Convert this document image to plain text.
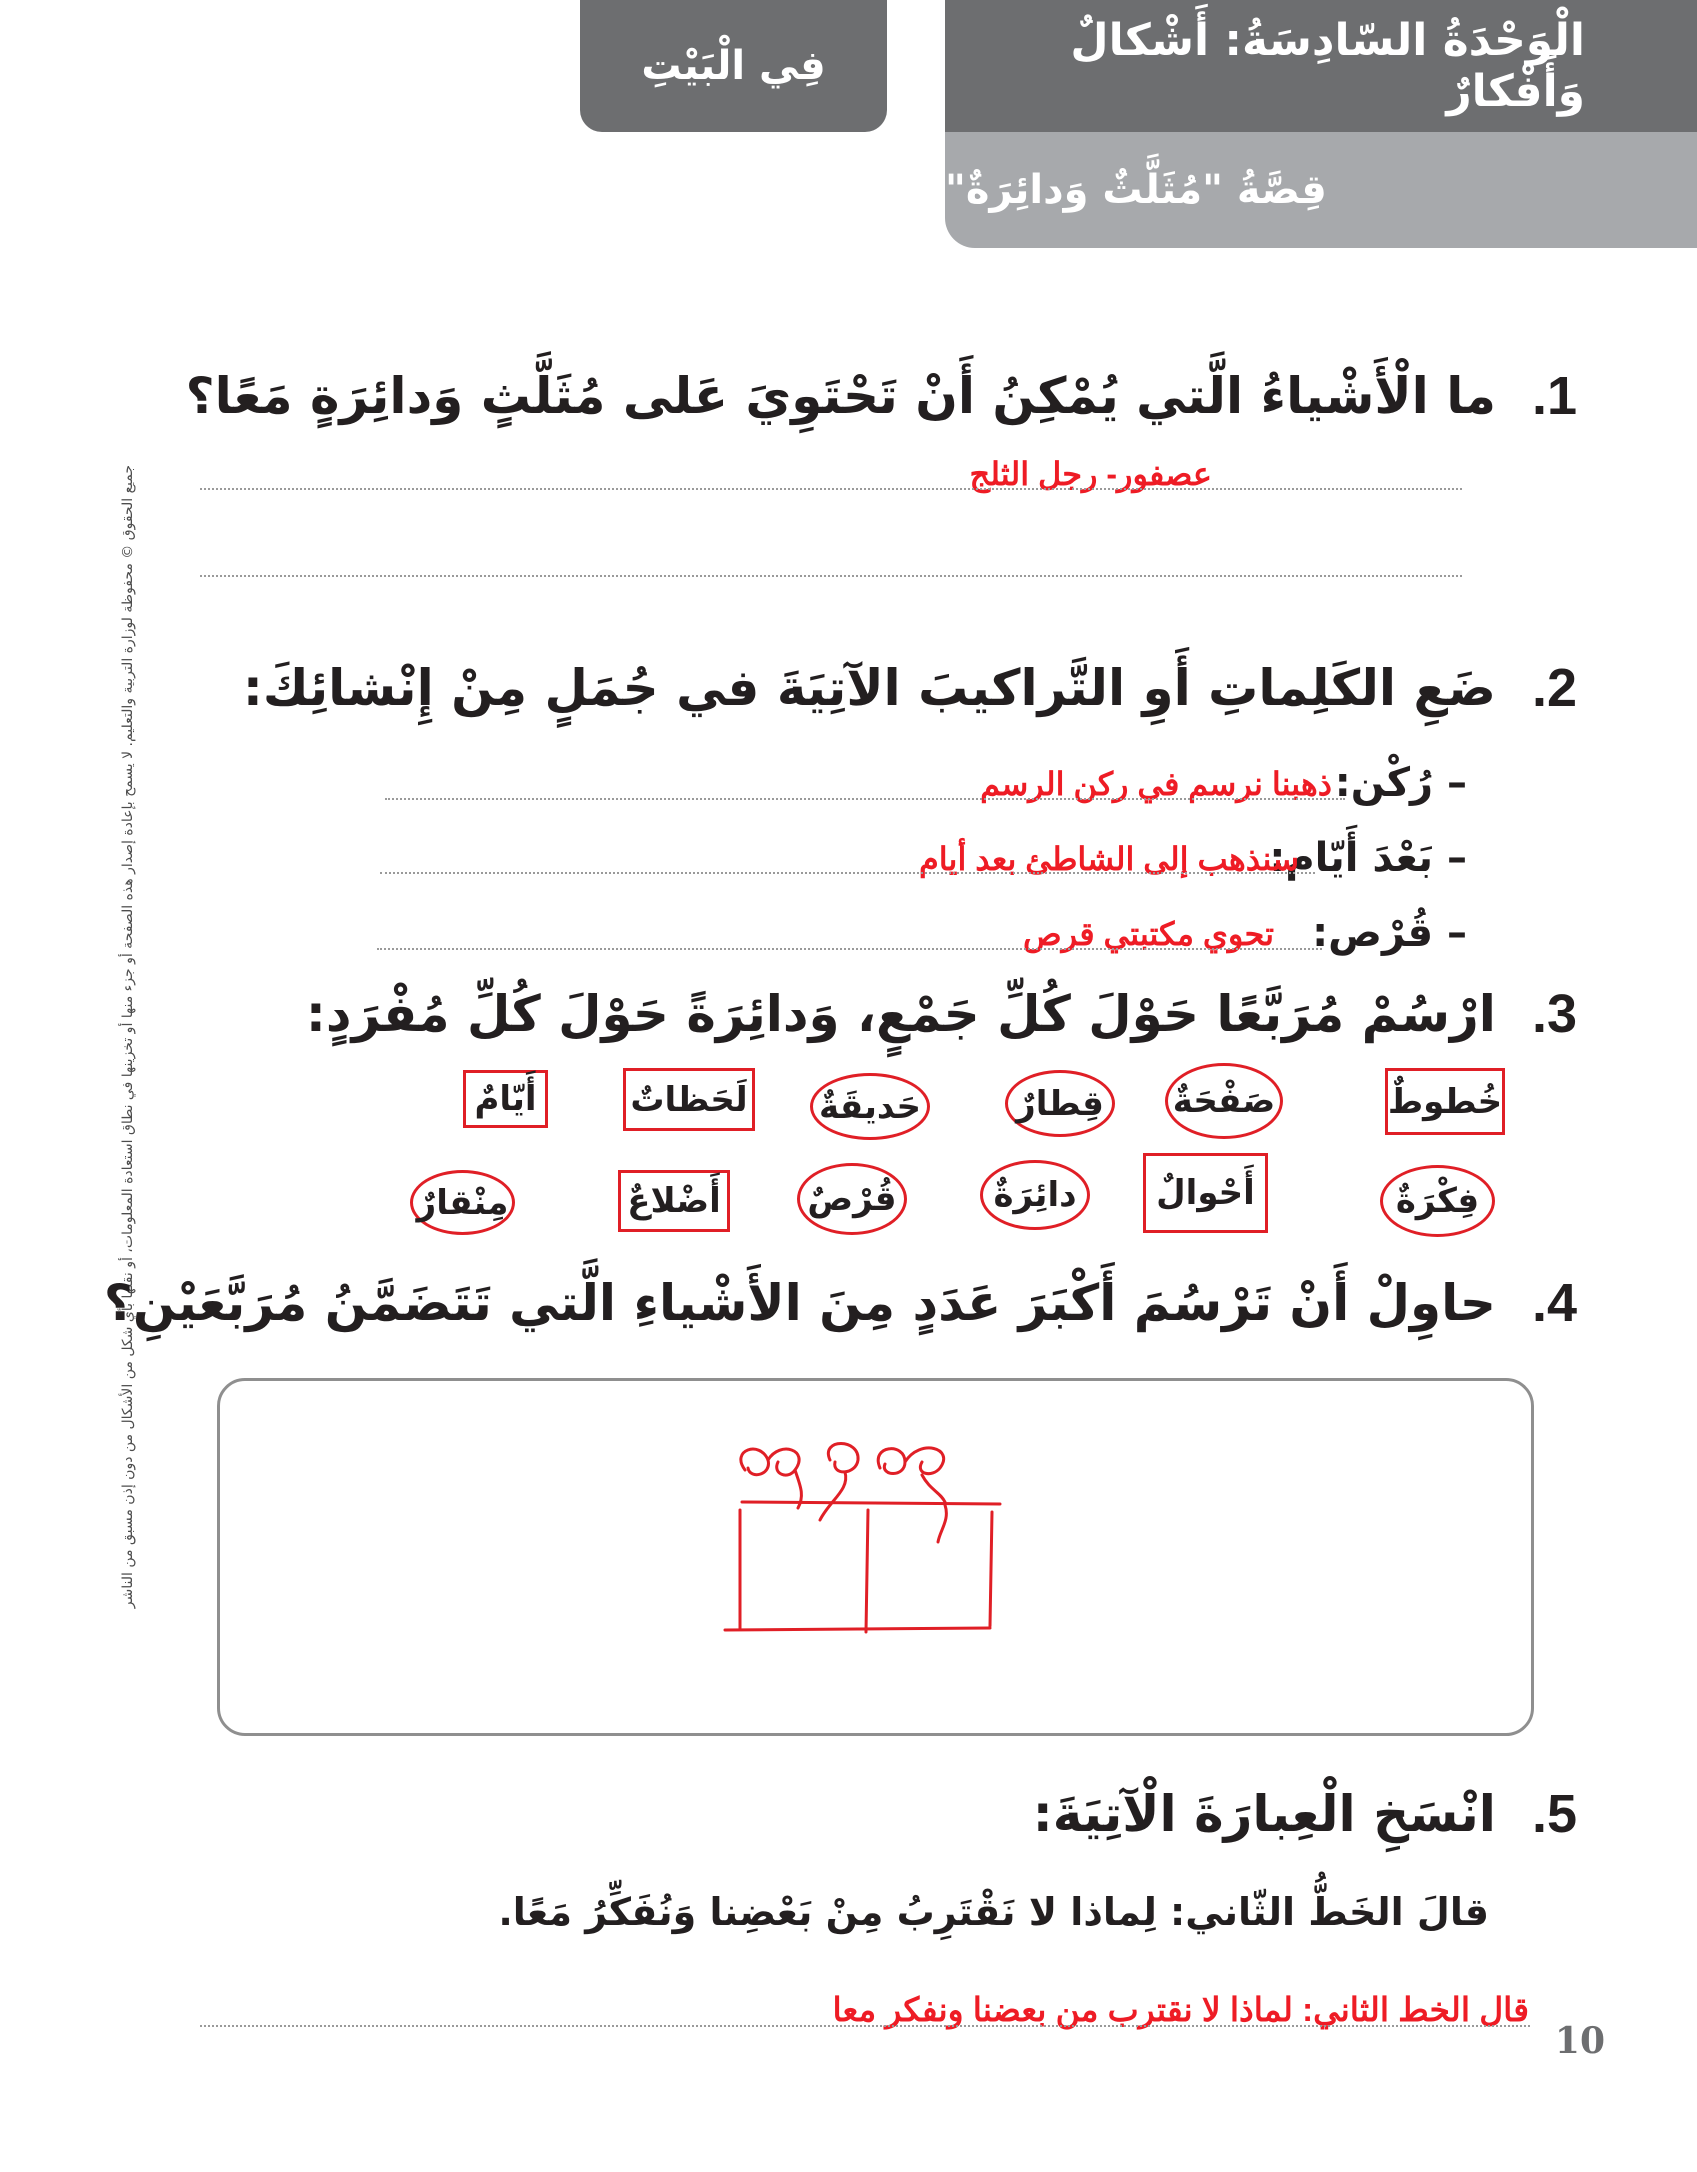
فِي الْبَيْتِ	الْوَحْدَةُ السّادِسَةُ: أَشْكالٌ وَأَفْكارٌ
قِصَّةُ "مُثَلَّثٌ وَدائِرَةٌ"
جميع الحقوق © محفوظة لوزارة التربية والتعليم. لا يسمح بإعادة إصدار هذه الصفحة أو جزء منها أو تخزينها في نطاق استعادة المعلومات، أو نقلها بأي شكل من الأشكال من دون إذن مسبق من الناشر
1.
ما الْأَشْياءُ الَّتي يُمْكِنُ أَنْ تَحْتَوِيَ عَلى مُثَلَّثٍ وَدائِرَةٍ مَعًا؟
عصفور- رجل الثلج
2.
ضَعِ الكَلِماتِ أَوِ التَّراكيبَ الآتِيَةَ في جُمَلٍ مِنْ إِنْشائِكَ:
– رُكْن:
ذهبنا نرسم في ركن الرسم
– بَعْدَ أَيّام:
سنذهب إلى الشاطئ بعد أيام
– قُرْص:
تحوي مكتبتي قرص
3.
ارْسُمْ مُرَبَّعًا حَوْلَ كُلِّ جَمْعٍ، وَدائِرَةً حَوْلَ كُلِّ مُفْرَدٍ:
خُطوطٌ
صَفْحَةٌ
قِطارٌ
حَديقَةٌ
لَحَظاتٌ
أَيّامٌ
فِكْرَةٌ
أَحْوالٌ
دائِرَةٌ
قُرْصٌ
أَضْلاعٌ
مِنْقارٌ
4.
حاوِلْ أَنْ تَرْسُمَ أَكْبَرَ عَدَدٍ مِنَ الأَشْياءِ الَّتي تَتَضَمَّنُ مُرَبَّعَيْنِ؟
5.
انْسَخِ الْعِبارَةَ الْآتِيَةَ:
قالَ الخَطُّ الثّاني: لِماذا لا نَقْتَرِبُ مِنْ بَعْضِنا وَنُفَكِّرُ مَعًا.
قال الخط الثاني: لماذا لا نقترب من بعضنا ونفكر معا
10
